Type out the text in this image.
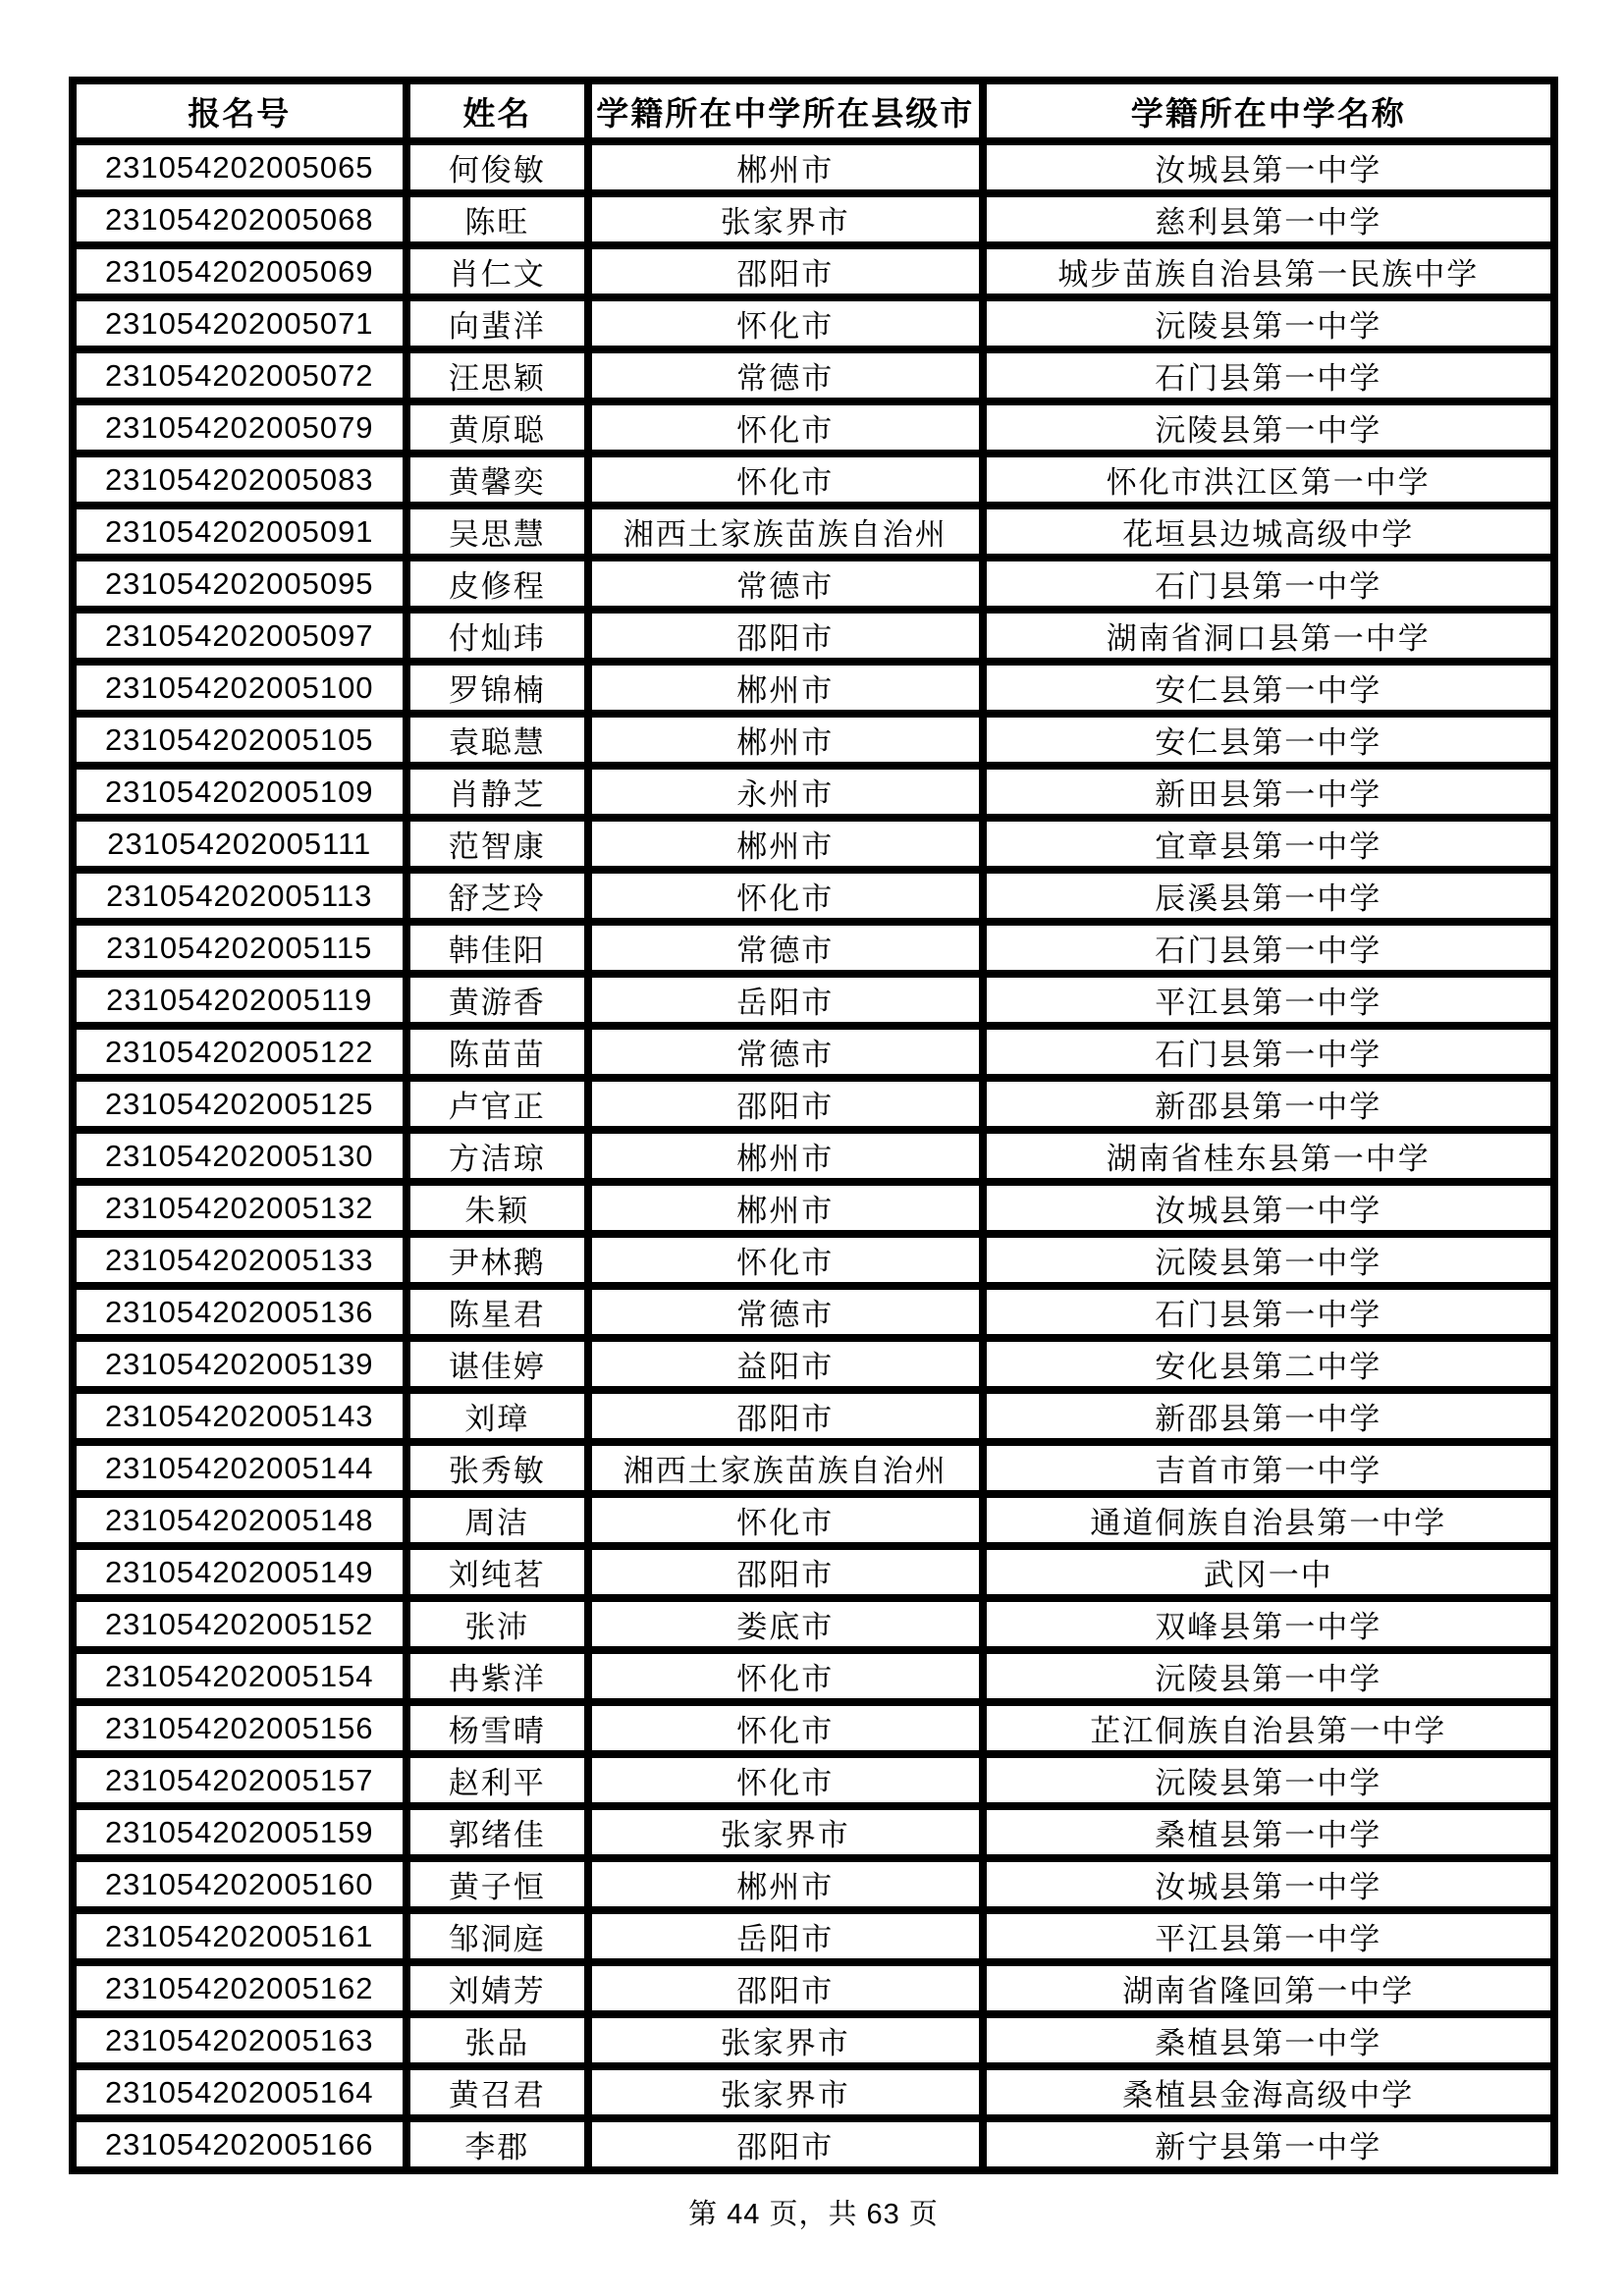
报名号	姓名	学籍所在中学所在县级市	学籍所在中学名称
231054202005065	何俊敏	郴州市	汝城县第一中学
231054202005068	陈旺	张家界市	慈利县第一中学
231054202005069	肖仁文	邵阳市	城步苗族自治县第一民族中学
231054202005071	向蜚洋	怀化市	沅陵县第一中学
231054202005072	汪思颖	常德市	石门县第一中学
231054202005079	黄原聪	怀化市	沅陵县第一中学
231054202005083	黄馨奕	怀化市	怀化市洪江区第一中学
231054202005091	吴思慧	湘西土家族苗族自治州	花垣县边城高级中学
231054202005095	皮修程	常德市	石门县第一中学
231054202005097	付灿玮	邵阳市	湖南省洞口县第一中学
231054202005100	罗锦楠	郴州市	安仁县第一中学
231054202005105	袁聪慧	郴州市	安仁县第一中学
231054202005109	肖静芝	永州市	新田县第一中学
231054202005111	范智康	郴州市	宜章县第一中学
231054202005113	舒芝玲	怀化市	辰溪县第一中学
231054202005115	韩佳阳	常德市	石门县第一中学
231054202005119	黄游香	岳阳市	平江县第一中学
231054202005122	陈苗苗	常德市	石门县第一中学
231054202005125	卢官正	邵阳市	新邵县第一中学
231054202005130	方洁琼	郴州市	湖南省桂东县第一中学
231054202005132	朱颖	郴州市	汝城县第一中学
231054202005133	尹林鹅	怀化市	沅陵县第一中学
231054202005136	陈星君	常德市	石门县第一中学
231054202005139	谌佳婷	益阳市	安化县第二中学
231054202005143	刘璋	邵阳市	新邵县第一中学
231054202005144	张秀敏	湘西土家族苗族自治州	吉首市第一中学
231054202005148	周洁	怀化市	通道侗族自治县第一中学
231054202005149	刘纯茗	邵阳市	武冈一中
231054202005152	张沛	娄底市	双峰县第一中学
231054202005154	冉紫洋	怀化市	沅陵县第一中学
231054202005156	杨雪晴	怀化市	芷江侗族自治县第一中学
231054202005157	赵利平	怀化市	沅陵县第一中学
231054202005159	郭绪佳	张家界市	桑植县第一中学
231054202005160	黄子恒	郴州市	汝城县第一中学
231054202005161	邹洞庭	岳阳市	平江县第一中学
231054202005162	刘婧芳	邵阳市	湖南省隆回第一中学
231054202005163	张品	张家界市	桑植县第一中学
231054202005164	黄召君	张家界市	桑植县金海高级中学
231054202005166	李郡	邵阳市	新宁县第一中学
第 44 页，共 63 页
